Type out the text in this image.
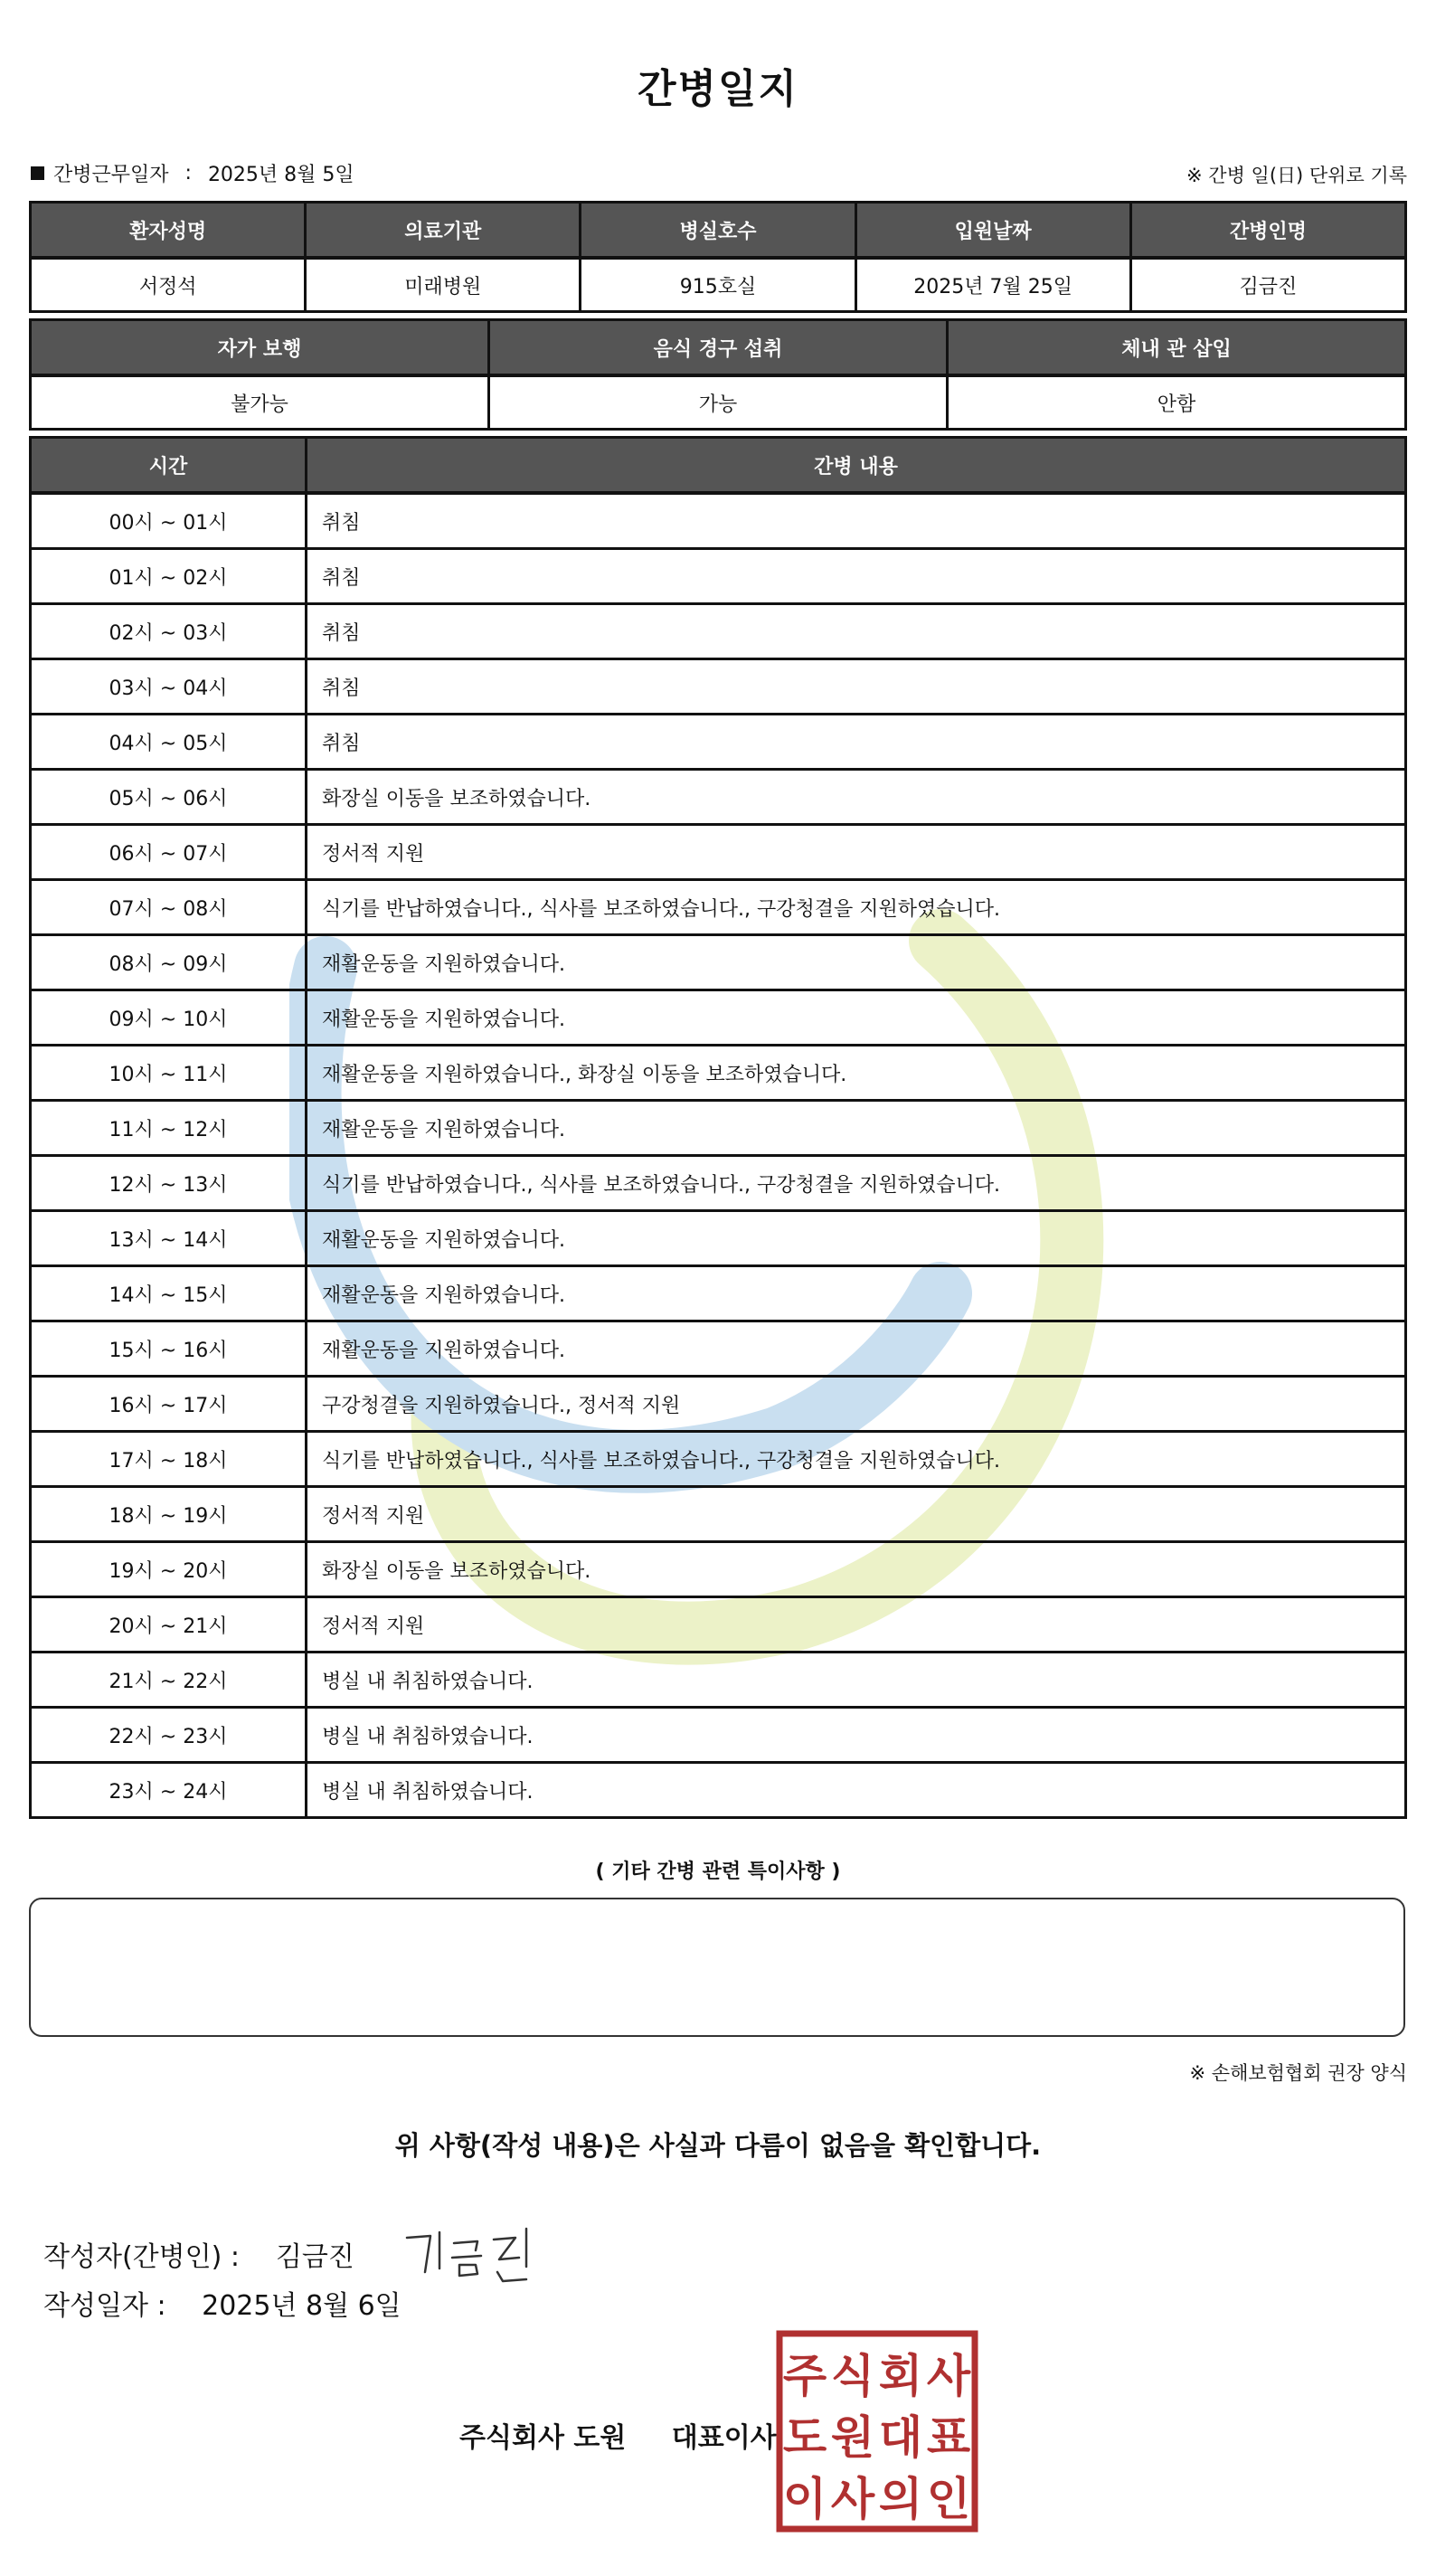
간병일지
간병근무일자 : 2025년 8월 5일	※ 간병 일(日) 단위로 기록
환자성명	의료기관	병실호수	입원날짜	간병인명
서정석	미래병원	915호실	2025년 7월 25일	김금진
자가 보행	음식 경구 섭취	체내 관 삽입
불가능	가능	안함
시간	간병 내용
00시 ~ 01시	취침
01시 ~ 02시	취침
02시 ~ 03시	취침
03시 ~ 04시	취침
04시 ~ 05시	취침
05시 ~ 06시	화장실 이동을 보조하였습니다.
06시 ~ 07시	정서적 지원
07시 ~ 08시	식기를 반납하였습니다., 식사를 보조하였습니다., 구강청결을 지원하였습니다.
08시 ~ 09시	재활운동을 지원하였습니다.
09시 ~ 10시	재활운동을 지원하였습니다.
10시 ~ 11시	재활운동을 지원하였습니다., 화장실 이동을 보조하였습니다.
11시 ~ 12시	재활운동을 지원하였습니다.
12시 ~ 13시	식기를 반납하였습니다., 식사를 보조하였습니다., 구강청결을 지원하였습니다.
13시 ~ 14시	재활운동을 지원하였습니다.
14시 ~ 15시	재활운동을 지원하였습니다.
15시 ~ 16시	재활운동을 지원하였습니다.
16시 ~ 17시	구강청결을 지원하였습니다., 정서적 지원
17시 ~ 18시	식기를 반납하였습니다., 식사를 보조하였습니다., 구강청결을 지원하였습니다.
18시 ~ 19시	정서적 지원
19시 ~ 20시	화장실 이동을 보조하였습니다.
20시 ~ 21시	정서적 지원
21시 ~ 22시	병실 내 취침하였습니다.
22시 ~ 23시	병실 내 취침하였습니다.
23시 ~ 24시	병실 내 취침하였습니다.
( 기타 간병 관련 특이사항 )
※ 손해보험협회 권장 양식
위 사항(작성 내용)은 사실과 다름이 없음을 확인합니다.
작성자(간병인) : 김금진
작성일자 : 2025년 8월 6일
주식회사 도원 대표이사
주 식 회 사
도 원 대 표
이 사 의 인
